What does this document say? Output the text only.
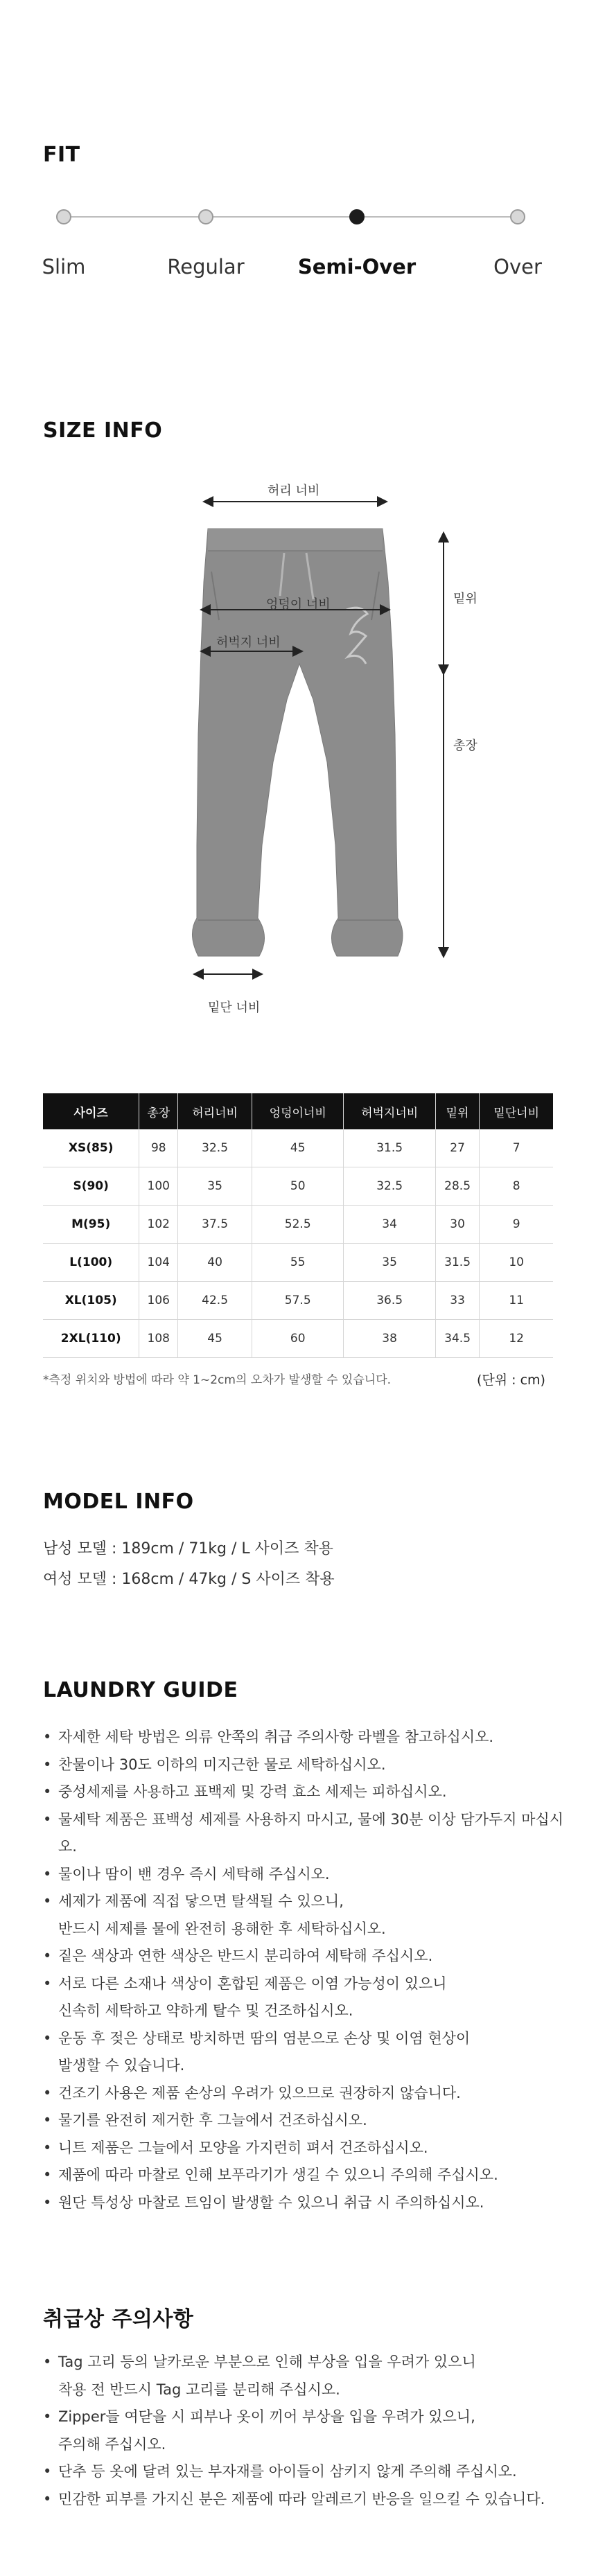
FIT
Slim	Regular	Semi-Over	Over
SIZE INFO
허리 너비
엉덩이 너비
허벅지 너비
밑위
총장
밑단 너비
사이즈	총장	허리너비	엉덩이너비	허벅지너비	밑위	밑단너비
XS(85)	98	32.5	45	31.5	27	7
S(90)	100	35	50	32.5	28.5	8
M(95)	102	37.5	52.5	34	30	9
L(100)	104	40	55	35	31.5	10
XL(105)	106	42.5	57.5	36.5	33	11
2XL(110)	108	45	60	38	34.5	12
*측정 위치와 방법에 따라 약 1~2cm의 오차가 발생할 수 있습니다.	(단위 : cm)
MODEL INFO
남성 모델 : 189cm / 71kg / L 사이즈 착용
여성 모델 : 168cm / 47kg / S 사이즈 착용
LAUNDRY GUIDE
• 자세한 세탁 방법은 의류 안쪽의 취급 주의사항 라벨을 참고하십시오.
• 찬물이나 30도 이하의 미지근한 물로 세탁하십시오.
• 중성세제를 사용하고 표백제 및 강력 효소 세제는 피하십시오.
• 물세탁 제품은 표백성 세제를 사용하지 마시고, 물에 30분 이상 담가두지 마십시오.
• 물이나 땀이 밴 경우 즉시 세탁해 주십시오.
• 세제가 제품에 직접 닿으면 탈색될 수 있으니,
반드시 세제를 물에 완전히 용해한 후 세탁하십시오.
• 짙은 색상과 연한 색상은 반드시 분리하여 세탁해 주십시오.
• 서로 다른 소재나 색상이 혼합된 제품은 이염 가능성이 있으니
신속히 세탁하고 약하게 탈수 및 건조하십시오.
• 운동 후 젖은 상태로 방치하면 땀의 염분으로 손상 및 이염 현상이
발생할 수 있습니다.
• 건조기 사용은 제품 손상의 우려가 있으므로 권장하지 않습니다.
• 물기를 완전히 제거한 후 그늘에서 건조하십시오.
• 니트 제품은 그늘에서 모양을 가지런히 펴서 건조하십시오.
• 제품에 따라 마찰로 인해 보푸라기가 생길 수 있으니 주의해 주십시오.
• 원단 특성상 마찰로 트임이 발생할 수 있으니 취급 시 주의하십시오.
취급상 주의사항
• Tag 고리 등의 날카로운 부분으로 인해 부상을 입을 우려가 있으니
착용 전 반드시 Tag 고리를 분리해 주십시오.
• Zipper들 여닫을 시 피부나 옷이 끼어 부상을 입을 우려가 있으니,
주의해 주십시오.
• 단추 등 옷에 달려 있는 부자재를 아이들이 삼키지 않게 주의해 주십시오.
• 민감한 피부를 가지신 분은 제품에 따라 알레르기 반응을 일으킬 수 있습니다.
